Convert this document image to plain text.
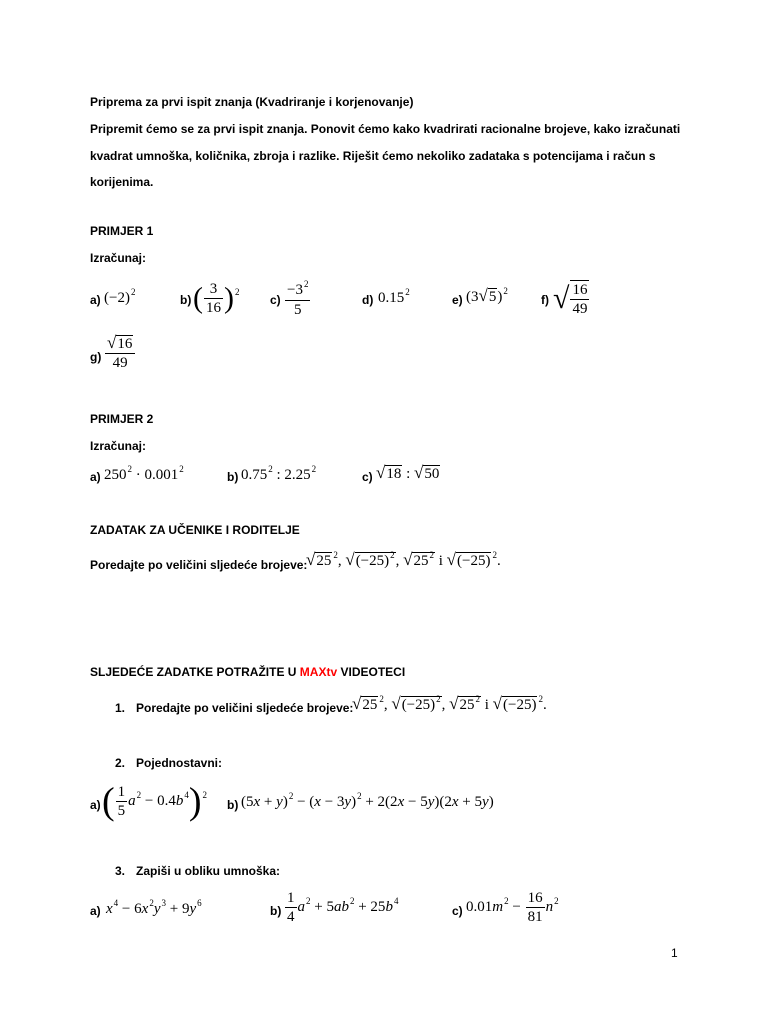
Priprema za prvi ispit znanja (Kvadriranje i korjenovanje)
Pripremit ćemo se za prvi ispit znanja. Ponovit ćemo kako kvadrirati racionalne brojeve, kako izračunati kvadrat umnoška, količnika, zbroja i razlike. Riješit ćemo nekoliko zadataka s potencijama i račun s korijenima.
PRIMJER 1
Izračunaj:
a) $(-2)^2$
b) ( $\frac{3}{16} )^2$
$c) \frac{-3^2}{5}$	d) 0.15$^2$
e) $(3√5)^2$
f) √ $\frac{16}{49}$
$g) \frac{√16}{49}$
PRIMJER 2
Izračunaj:
a) $250^2 \cdot 0.001^2$
b) 0.75$^2$ : 2.25$^2$
c) √18 : √50
ZADATAK ZA UČENIKE I RODITELJE
Poredajte po veličini sljedeće brojeve:
√25 $^2$, $√(-25)^2$, $√25^2$ i √(−25) $^2$.
SLJEDEĆE ZADATKE POTRAŽITE U MAXtv VIDEOTECI
1. Poredajte po veličini sljedeće brojeve:
√25 $^2$, $√(-25)^2$, $√25^2$ i √(−25) $^2$.
2. Pojednostavni:
a) ( $\frac{1}{5} a^2 - 0.4b^4)^2$
b) $(5x + y)^2 - (x - 3y)^2 + 2(2x - 5y)(2x + 5y)$
3. Zapiši u obliku umnoška:
a) $x^4 - 6x^2y^3 + 9y^6$
$b) \frac{1}{4} a^2 + 5ab^2 + 25b^4$
c) $0.01m^2 - \frac{16}{81} n^2$
1
